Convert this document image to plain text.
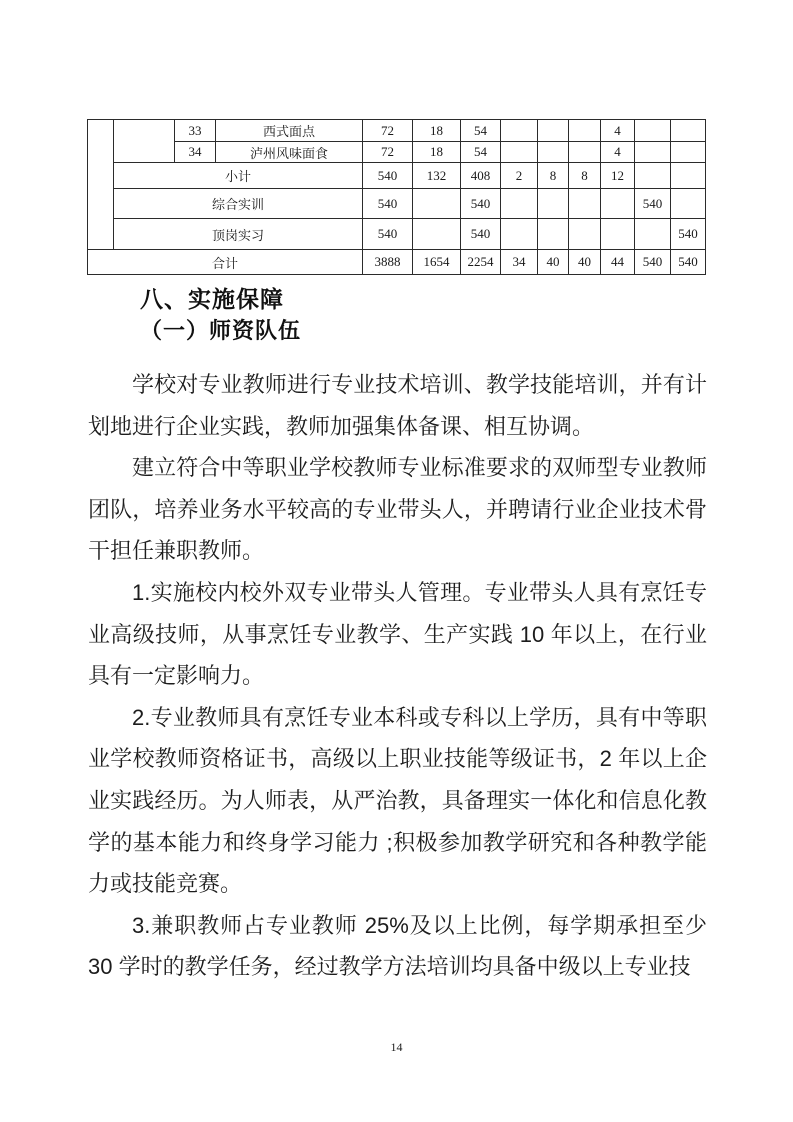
		33	西式面点	72	18	54				4		
		34	泸州风味面食	72	18	54				4		
	小计			540	132	408	2	8	8	12		
	综合实训			540		540					540	
	顶岗实习			540		540						540
合计				3888	1654	2254	34	40	40	44	540	540
八、实施保障
（一）师资队伍

学校对专业教师进行专业技术培训、教学技能培训，并有计划地进行企业实践，教师加强集体备课、相互协调。

建立符合中等职业学校教师专业标准要求的双师型专业教师团队，培养业务水平较高的专业带头人，并聘请行业企业技术骨干担任兼职教师。

1.实施校内校外双专业带头人管理。专业带头人具有烹饪专业高级技师，从事烹饪专业教学、生产实践 10 年以上，在行业具有一定影响力。

2.专业教师具有烹饪专业本科或专科以上学历，具有中等职业学校教师资格证书，高级以上职业技能等级证书，2 年以上企业实践经历。为人师表，从严治教，具备理实一体化和信息化教学的基本能力和终身学习能力 ;积极参加教学研究和各种教学能力或技能竞赛。

3.兼职教师占专业教师 25%及以上比例，每学期承担至少 30 学时的教学任务，经过教学方法培训均具备中级以上专业技

14
